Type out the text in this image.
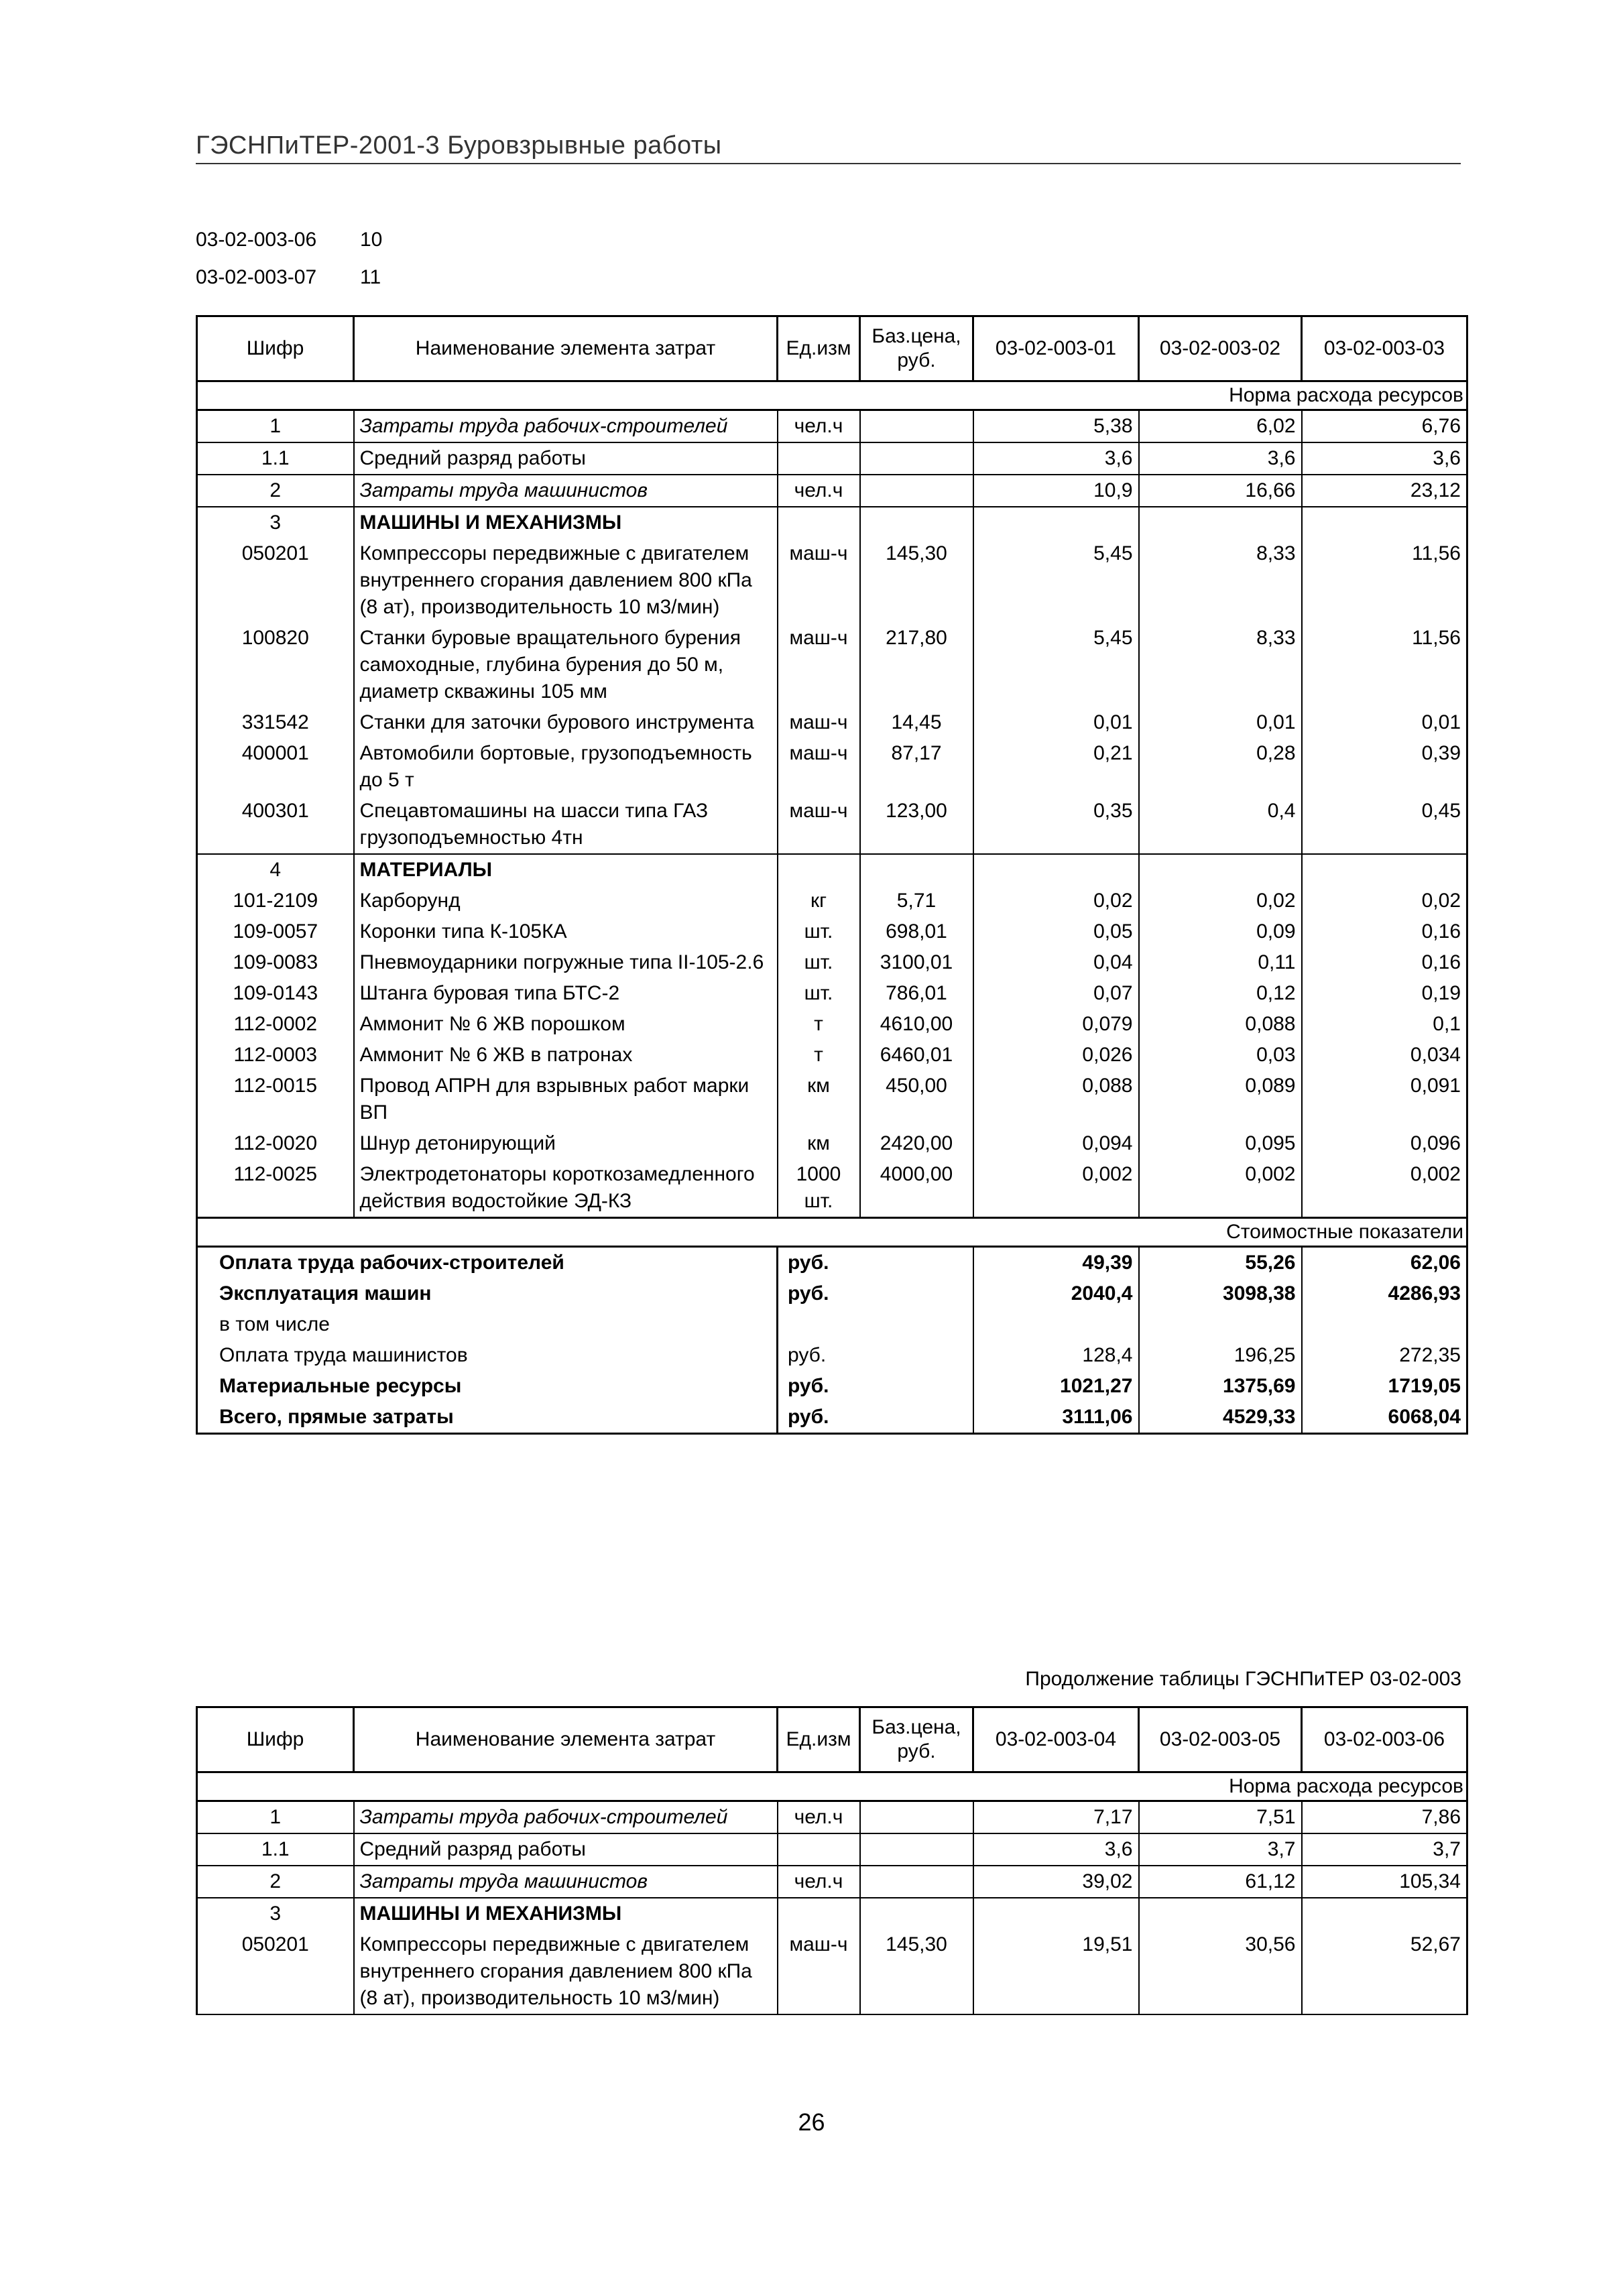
ГЭСНПиТЕР-2001-3 Буровзрывные работы
03-02-003-06	10
03-02-003-07	11
Шифр	Наименование элемента затрат	Ед.изм	Баз.цена, руб.	03-02-003-01	03-02-003-02	03-02-003-03
Норма расхода ресурсов						
1	Затраты труда рабочих-строителей	чел.ч		5,38	6,02	6,76
1.1	Средний разряд работы			3,6	3,6	3,6
2	Затраты труда машинистов	чел.ч		10,9	16,66	23,12
3	МАШИНЫ И МЕХАНИЗМЫ					
050201	Компрессоры передвижные с двигателем внутреннего сгорания давлением 800 кПа (8 ат), производительность 10 м3/мин)	маш-ч	145,30	5,45	8,33	11,56
100820	Станки буровые вращательного бурения самоходные, глубина бурения до 50 м, диаметр скважины 105 мм	маш-ч	217,80	5,45	8,33	11,56
331542	Станки для заточки бурового инструмента	маш-ч	14,45	0,01	0,01	0,01
400001	Автомобили бортовые, грузоподъемность до 5 т	маш-ч	87,17	0,21	0,28	0,39
400301	Спецавтомашины на шасси типа ГАЗ грузоподъемностью 4тн	маш-ч	123,00	0,35	0,4	0,45
4	МАТЕРИАЛЫ					
101-2109	Карборунд	кг	5,71	0,02	0,02	0,02
109-0057	Коронки типа К-105КА	шт.	698,01	0,05	0,09	0,16
109-0083	Пневмоударники погружные типа II-105-2.6	шт.	3100,01	0,04	0,11	0,16
109-0143	Штанга буровая типа БТС-2	шт.	786,01	0,07	0,12	0,19
112-0002	Аммонит № 6 ЖВ порошком	т	4610,00	0,079	0,088	0,1
112-0003	Аммонит № 6 ЖВ в патронах	т	6460,01	0,026	0,03	0,034
112-0015	Провод АПРН для взрывных работ марки ВП	км	450,00	0,088	0,089	0,091
112-0020	Шнур детонирующий	км	2420,00	0,094	0,095	0,096
112-0025	Электродетонаторы короткозамедленного действия водостойкие ЭД-КЗ	1000 шт.	4000,00	0,002	0,002	0,002
Стоимостные показатели						
Оплата труда рабочих-строителей		руб.		49,39	55,26	62,06
Эксплуатация машин		руб.		2040,4	3098,38	4286,93
в том числе						
Оплата труда машинистов		руб.		128,4	196,25	272,35
Материальные ресурсы		руб.		1021,27	1375,69	1719,05
Всего, прямые затраты		руб.		3111,06	4529,33	6068,04
Продолжение таблицы ГЭСНПиТЕР 03-02-003
Шифр	Наименование элемента затрат	Ед.изм	Баз.цена, руб.	03-02-003-04	03-02-003-05	03-02-003-06
Норма расхода ресурсов						
1	Затраты труда рабочих-строителей	чел.ч		7,17	7,51	7,86
1.1	Средний разряд работы			3,6	3,7	3,7
2	Затраты труда машинистов	чел.ч		39,02	61,12	105,34
3	МАШИНЫ И МЕХАНИЗМЫ					
050201	Компрессоры передвижные с двигателем внутреннего сгорания давлением 800 кПа (8 ат), производительность 10 м3/мин)	маш-ч	145,30	19,51	30,56	52,67
26
